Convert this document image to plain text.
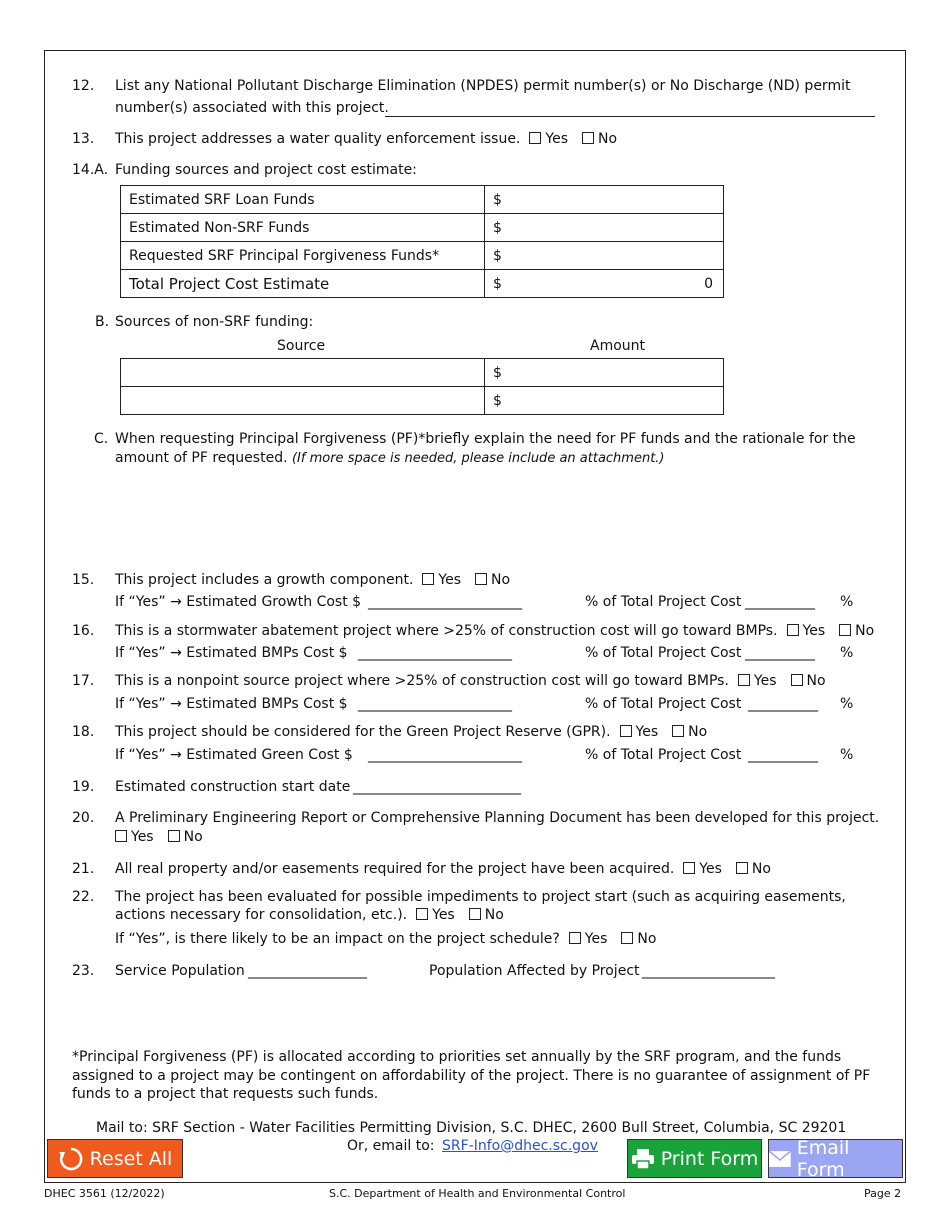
12. List any National Pollutant Discharge Elimination (NPDES) permit number(s) or No Discharge (ND) permit
number(s) associated with this project.
13. This project addresses a water quality enforcement issue. Yes No
14.A. Funding sources and project cost estimate:
Estimated SRF Loan Funds	$

Estimated Non-SRF Funds	$

Requested SRF Principal Forgiveness Funds*	$

Total Project Cost Estimate	$ 0
B. Sources of non-SRF funding:
Source	Amount
	$
	$
C. When requesting Principal Forgiveness (PF)*briefly explain the need for PF funds and the rationale for the
amount of PF requested. (If more space is needed, please include an attachment.)
15. This project includes a growth component. Yes No
If “Yes” → Estimated Growth Cost $ ______________________	% of Total Project Cost __________ %
16. This is a stormwater abatement project where >25% of construction cost will go toward BMPs. Yes No
If “Yes” → Estimated BMPs Cost $ ______________________	% of Total Project Cost __________ %
17. This is a nonpoint source project where >25% of construction cost will go toward BMPs. Yes No
If “Yes” → Estimated BMPs Cost $ ______________________	% of Total Project Cost __________ %
18. This project should be considered for the Green Project Reserve (GPR). Yes No
If “Yes” → Estimated Green Cost $ ______________________	% of Total Project Cost __________ %
19. Estimated construction start date ________________________
20. A Preliminary Engineering Report or Comprehensive Planning Document has been developed for this project.
Yes No
21. All real property and/or easements required for the project have been acquired. Yes No
22. The project has been evaluated for possible impediments to project start (such as acquiring easements,
actions necessary for consolidation, etc.). Yes No
If “Yes”, is there likely to be an impact on the project schedule? Yes No
23. Service Population _________________	Population Affected by Project ___________________
*Principal Forgiveness (PF) is allocated according to priorities set annually by the SRF program, and the funds
assigned to a project may be contingent on affordability of the project. There is no guarantee of assignment of PF
funds to a project that requests such funds.
Mail to: SRF Section - Water Facilities Permitting Division, S.C. DHEC, 2600 Bull Street, Columbia, SC 29201
Or, email to: SRF-Info@dhec.sc.gov
Reset All	Print Form Email Form
DHEC 3561 (12/2022)	S.C. Department of Health and Environmental Control	Page 2
